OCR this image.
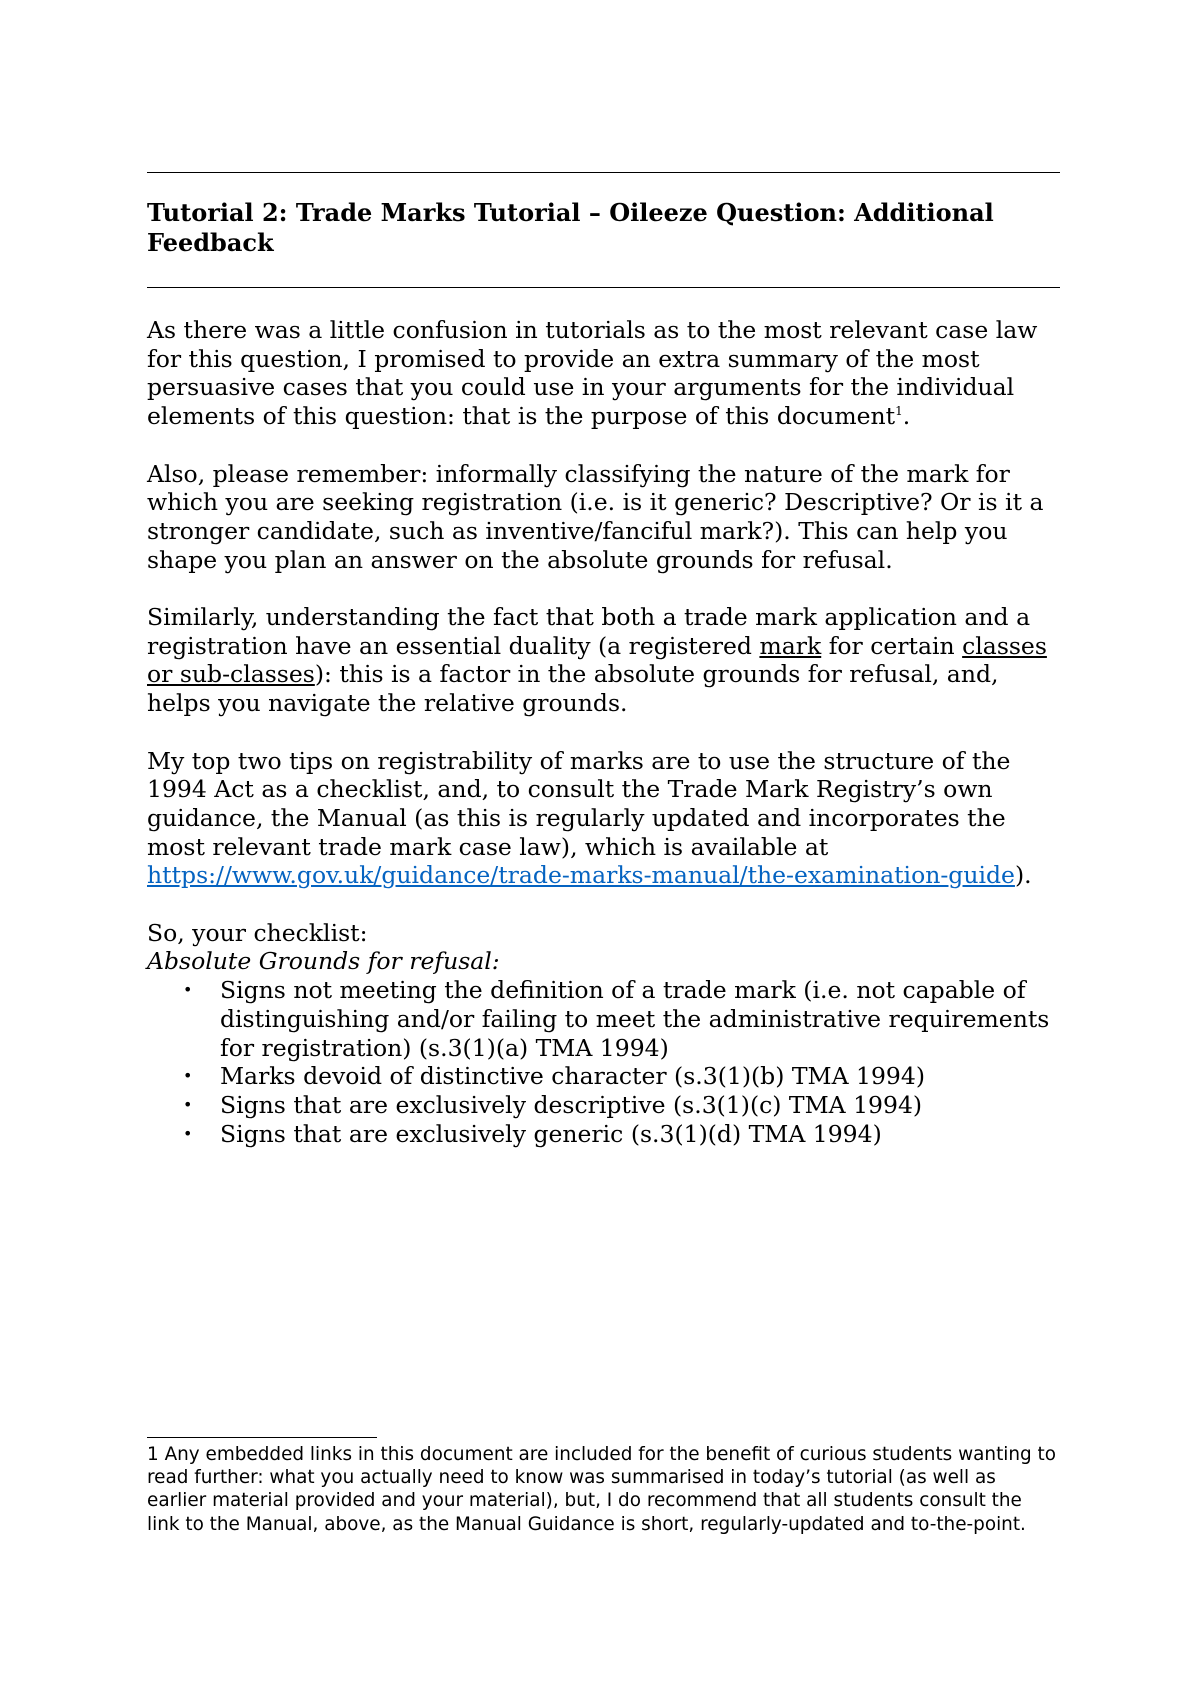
Tutorial 2: Trade Marks Tutorial – Oileeze Question: Additional Feedback

As there was a little confusion in tutorials as to the most relevant case law for this question, I promised to provide an extra summary of the most persuasive cases that you could use in your arguments for the individual elements of this question: that is the purpose of this document$^1$.

Also, please remember: informally classifying the nature of the mark for which you are seeking registration (i.e. is it generic? Descriptive? Or is it a stronger candidate, such as inventive/fanciful mark?). This can help you shape you plan an answer on the absolute grounds for refusal.

Similarly, understanding the fact that both a trade mark application and a registration have an essential duality (a registered mark for certain classes or sub-classes): this is a factor in the absolute grounds for refusal, and, helps you navigate the relative grounds.

My top two tips on registrability of marks are to use the structure of the 1994 Act as a checklist, and, to consult the Trade Mark Registry’s own guidance, the Manual (as this is regularly updated and incorporates the most relevant trade mark case law), which is available at https://www.gov.uk/guidance/trade-marks-manual/the-examination-guide).

So, your checklist:
Absolute Grounds for refusal:
• Signs not meeting the definition of a trade mark (i.e. not capable of distinguishing and/or failing to meet the administrative requirements for registration) (s.3(1)(a) TMA 1994)
• Marks devoid of distinctive character (s.3(1)(b) TMA 1994)
• Signs that are exclusively descriptive (s.3(1)(c) TMA 1994)
• Signs that are exclusively generic (s.3(1)(d) TMA 1994)
1 Any embedded links in this document are included for the benefit of curious students wanting to read further: what you actually need to know was summarised in today’s tutorial (as well as earlier material provided and your material), but, I do recommend that all students consult the link to the Manual, above, as the Manual Guidance is short, regularly-updated and to-the-point.
